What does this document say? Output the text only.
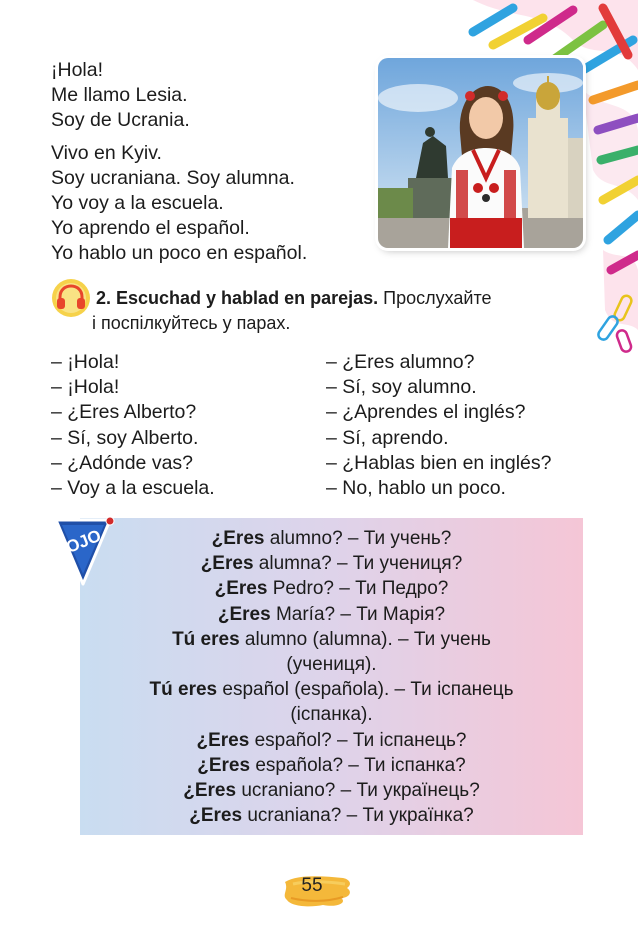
¡Hola!
Me llamo Lesia.
Soy de Ucrania.
Vivo en Kyiv.
Soy ucraniana. Soy alumna.
Yo voy a la escuela.
Yo aprendo el español.
Yo hablo un poco en español.
2. Escuchad y hablad en parejas. Прослухайте
і поспілкуйтесь у парах.
– ¡Hola!
– ¡Hola!
– ¿Eres Alberto?
– Sí, soy Alberto.
– ¿Adónde vas?
– Voy a la escuela.
– ¿Eres alumno?
– Sí, soy alumno.
– ¿Aprendes el inglés?
– Sí, aprendo.
– ¿Hablas bien en inglés?
– No, hablo un poco.
¿Eres alumno? – Ти учень?
¿Eres alumna? – Ти учениця?
¿Eres Pedro? – Ти Педро?
¿Eres María? – Ти Марія?
Tú eres alumno (alumna). – Ти учень
(учениця).
Tú eres español (española). – Ти іспанець
(іспанка).
¿Eres español? – Ти іспанець?
¿Eres española? – Ти іспанка?
¿Eres ucraniano? – Ти українець?
¿Eres ucraniana? – Ти українка?
OJO
55
